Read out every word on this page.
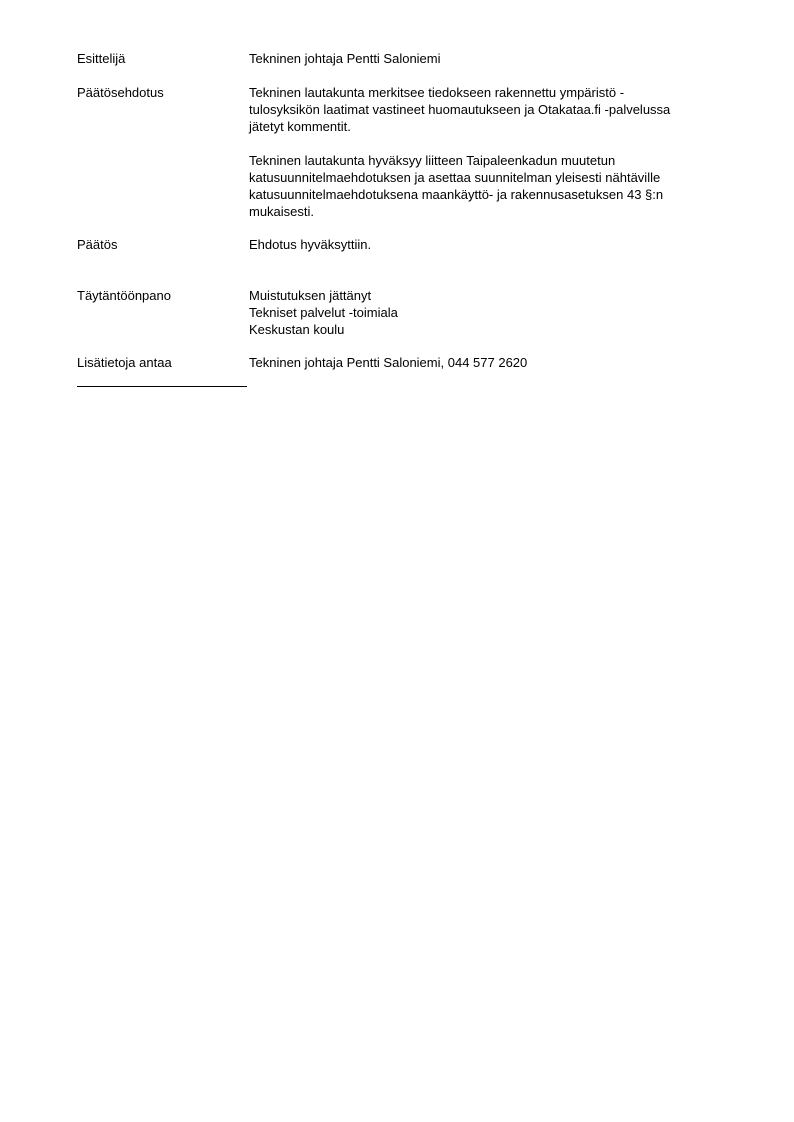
Esittelijä	Tekninen johtaja Pentti Saloniemi
Päätösehdotus	Tekninen lautakunta merkitsee tiedokseen rakennettu ympäristö -
tulosyksikön laatimat vastineet huomautukseen ja Otakataa.fi -palvelussa
jätetyt kommentit.

Tekninen lautakunta hyväksyy liitteen Taipaleenkadun muutetun
katusuunnitelmaehdotuksen ja asettaa suunnitelman yleisesti nähtäville
katusuunnitelmaehdotuksena maankäyttö- ja rakennusasetuksen 43 §:n
mukaisesti.

Päätös	Ehdotus hyväksyttiin.
Täytäntöönpano	Muistutuksen jättänyt
Tekniset palvelut -toimiala
Keskustan koulu
Lisätietoja antaa	Tekninen johtaja Pentti Saloniemi, 044 577 2620
